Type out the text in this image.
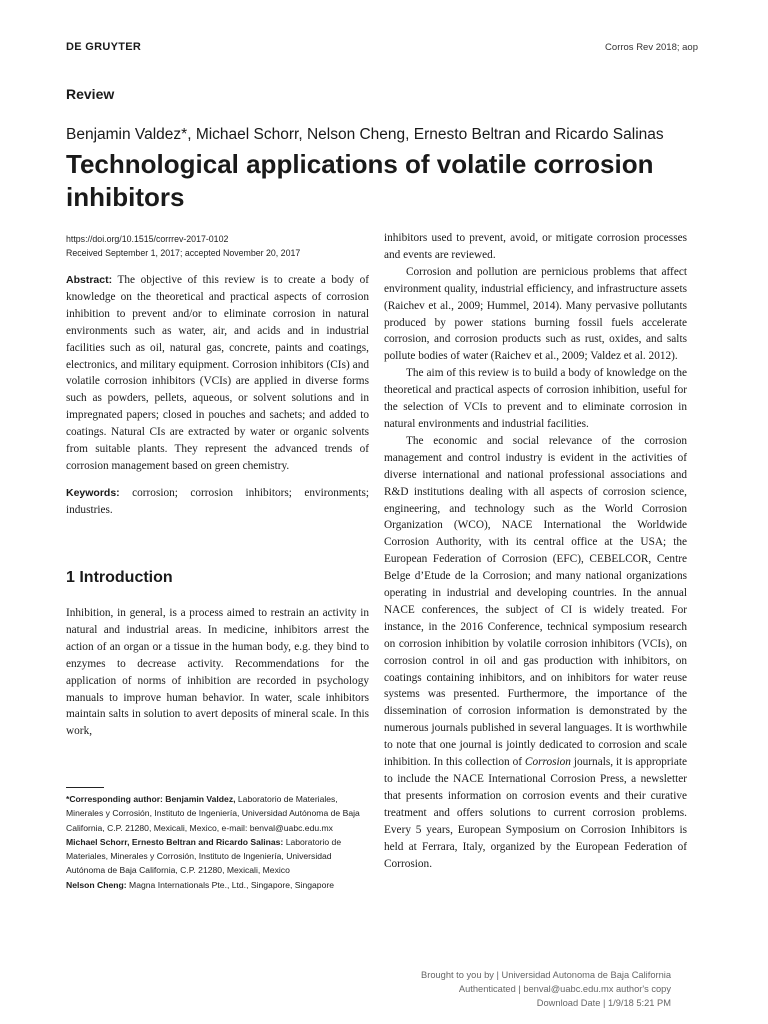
DE GRUYTER	Corros Rev 2018; aop
Review
Benjamin Valdez*, Michael Schorr, Nelson Cheng, Ernesto Beltran and Ricardo Salinas
Technological applications of volatile corrosion inhibitors
https://doi.org/10.1515/corrrev-2017-0102
Received September 1, 2017; accepted November 20, 2017

Abstract: The objective of this review is to create a body of knowledge on the theoretical and practical aspects of corrosion inhibition to prevent and/or to eliminate corrosion in natural environments such as water, air, and acids and in industrial facilities such as oil, natural gas, concrete, paints and coatings, electronics, and military equipment. Corrosion inhibitors (CIs) and volatile corrosion inhibitors (VCIs) are applied in diverse forms such as powders, pellets, aqueous, or solvent solutions and in impregnated papers; closed in pouches and sachets; and added to coatings. Natural CIs are extracted by water or organic solvents from suitable plants. They represent the advanced trends of corrosion management based on green chemistry.

Keywords: corrosion; corrosion inhibitors; environments; industries.

1 Introduction

Inhibition, in general, is a process aimed to restrain an activity in natural and industrial areas. In medicine, inhibitors arrest the action of an organ or a tissue in the human body, e.g. they bind to enzymes to decrease activity. Recommendations for the application of norms of inhibition are recorded in psychology manuals to improve human behavior. In water, scale inhibitors maintain salts in solution to avert deposits of mineral scale. In this work,

*Corresponding author: Benjamin Valdez, Laboratorio de Materiales, Minerales y Corrosión, Instituto de Ingeniería, Universidad Autónoma de Baja California, C.P. 21280, Mexicali, Mexico, e-mail: benval@uabc.edu.mx

Michael Schorr, Ernesto Beltran and Ricardo Salinas: Laboratorio de Materiales, Minerales y Corrosión, Instituto de Ingeniería, Universidad Autónoma de Baja California, C.P. 21280, Mexicali, Mexico

Nelson Cheng: Magna Internationals Pte., Ltd., Singapore, Singapore

inhibitors used to prevent, avoid, or mitigate corrosion processes and events are reviewed.

Corrosion and pollution are pernicious problems that affect environment quality, industrial efficiency, and infrastructure assets (Raichev et al., 2009; Hummel, 2014). Many pervasive pollutants produced by power stations burning fossil fuels accelerate corrosion, and corrosion products such as rust, oxides, and salts pollute bodies of water (Raichev et al., 2009; Valdez et al. 2012).

The aim of this review is to build a body of knowledge on the theoretical and practical aspects of corrosion inhibition, useful for the selection of VCIs to prevent and to eliminate corrosion in natural environments and industrial facilities.

The economic and social relevance of the corrosion management and control industry is evident in the activities of diverse international and national professional associations and R&D institutions dealing with all aspects of corrosion science, engineering, and technology such as the World Corrosion Organization (WCO), NACE International the Worldwide Corrosion Authority, with its central office at the USA; the European Federation of Corrosion (EFC), CEBELCOR, Centre Belge d’Etude de la Corrosion; and many national organizations operating in industrial and developing countries. In the annual NACE conferences, the subject of CI is widely treated. For instance, in the 2016 Conference, technical symposium research on corrosion inhibition by volatile corrosion inhibitors (VCIs), on corrosion control in oil and gas production with inhibitors, on coatings containing inhibitors, and on inhibitors for water reuse systems was presented. Furthermore, the importance of the dissemination of corrosion information is demonstrated by the numerous journals published in several languages. It is worthwhile to note that one journal is jointly dedicated to corrosion and scale inhibition. In this collection of Corrosion journals, it is appropriate to include the NACE International Corrosion Press, a newsletter that presents information on corrosion events and their curative treatment and offers solutions to current corrosion problems. Every 5 years, European Symposium on Corrosion Inhibitors is held at Ferrara, Italy, organized by the European Federation of Corrosion.

Brought to you by | Universidad Autonoma de Baja California
Authenticated | benval@uabc.edu.mx author's copy
Download Date | 1/9/18 5:21 PM
